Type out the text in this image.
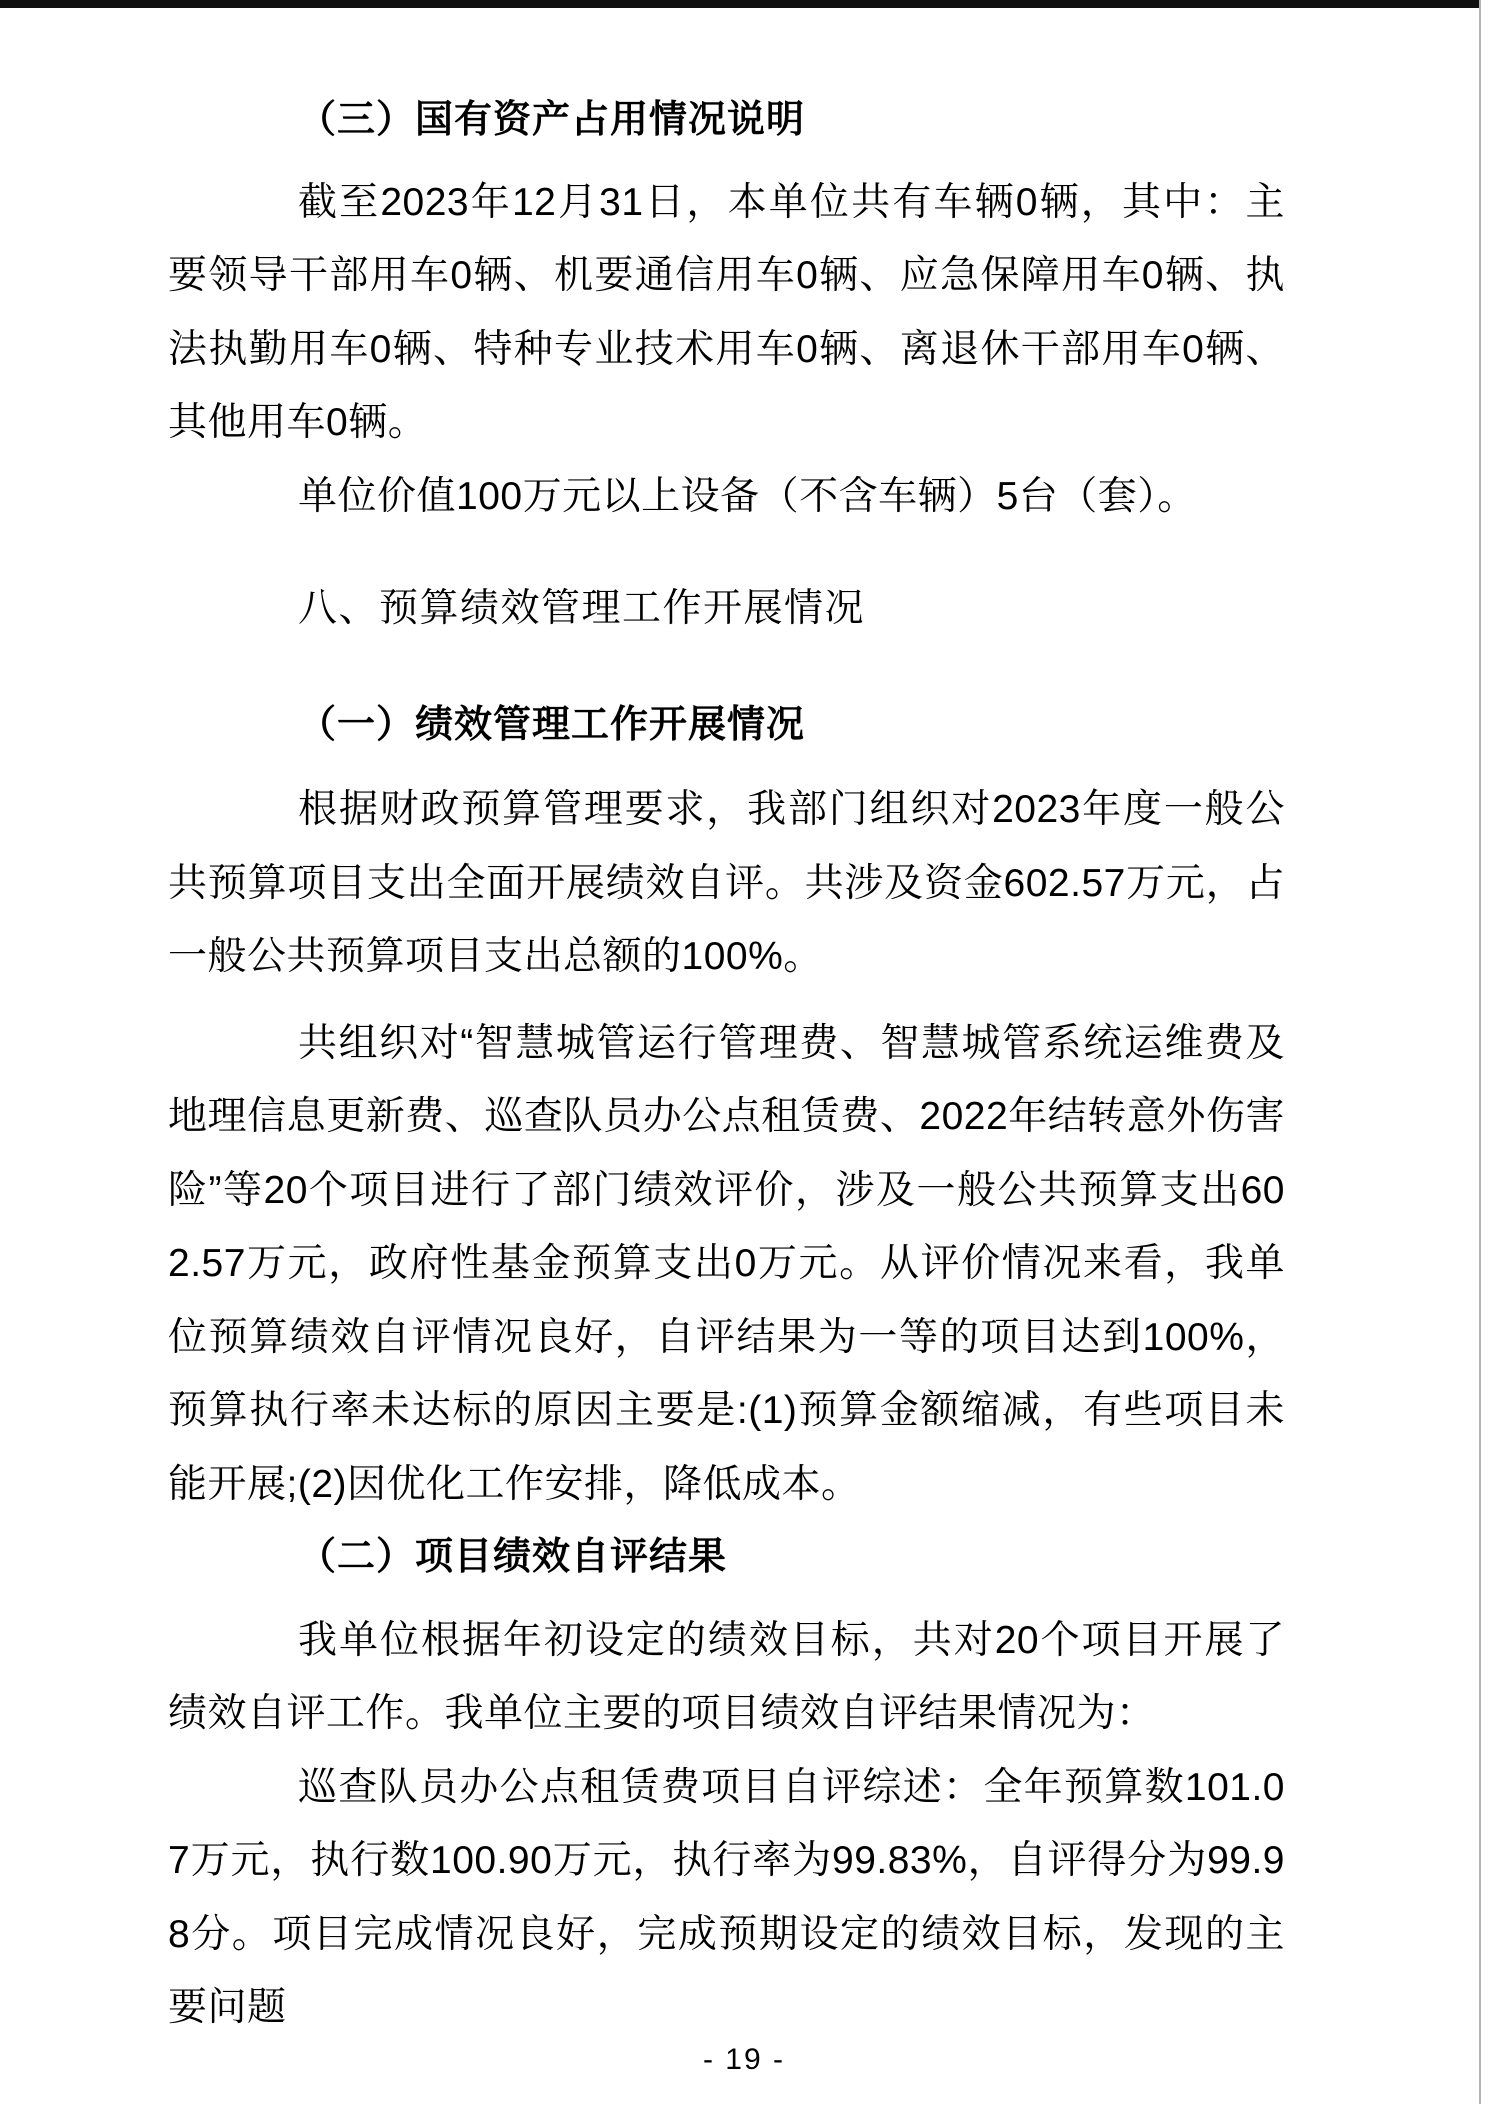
（三）国有资产占用情况说明

截至2023年12月31日，本单位共有车辆0辆，其中：主要领导干部用车0辆、机要通信用车0辆、应急保障用车0辆、执法执勤用车0辆、特种专业技术用车0辆、离退休干部用车0辆、其他用车0辆。

单位价值100万元以上设备（不含车辆）5台（套）。

八、预算绩效管理工作开展情况
（一）绩效管理工作开展情况

根据财政预算管理要求，我部门组织对2023年度一般公共预算项目支出全面开展绩效自评。共涉及资金602.57万元，占一般公共预算项目支出总额的100%。

共组织对“智慧城管运行管理费、智慧城管系统运维费及地理信息更新费、巡查队员办公点租赁费、2022年结转意外伤害险”等20个项目进行了部门绩效评价，涉及一般公共预算支出602.57万元，政府性基金预算支出0万元。从评价情况来看，我单位预算绩效自评情况良好，自评结果为一等的项目达到100%，预算执行率未达标的原因主要是:(1)预算金额缩减，有些项目未能开展;(2)因优化工作安排，降低成本。

（二）项目绩效自评结果

我单位根据年初设定的绩效目标，共对20个项目开展了绩效自评工作。我单位主要的项目绩效自评结果情况为：

巡查队员办公点租赁费项目自评综述：全年预算数101.07万元，执行数100.90万元，执行率为99.83%，自评得分为99.98分。项目完成情况良好，完成预期设定的绩效目标，发现的主要问题

- 19 -
